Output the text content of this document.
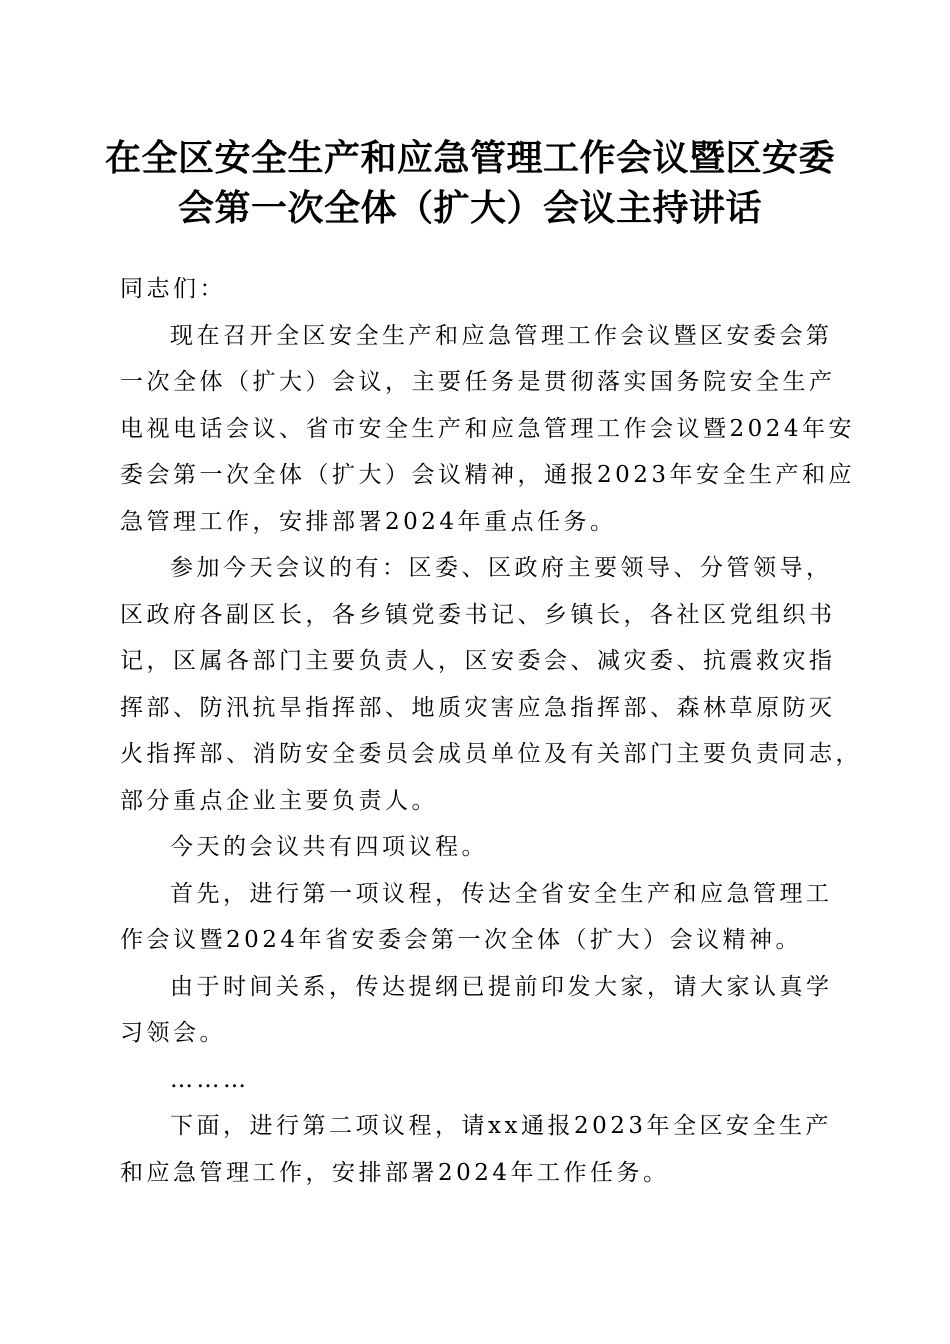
在全区安全生产和应急管理工作会议暨区安委
会第一次全体（扩大）会议主持讲话
同志们：
现在召开全区安全生产和应急管理工作会议暨区安委会第
一次全体（扩大）会议，主要任务是贯彻落实国务院安全生产
电视电话会议、省市安全生产和应急管理工作会议暨2024年安
委会第一次全体（扩大）会议精神，通报2023年安全生产和应
急管理工作，安排部署2024年重点任务。
参加今天会议的有：区委、区政府主要领导、分管领导，
区政府各副区长，各乡镇党委书记、乡镇长，各社区党组织书
记，区属各部门主要负责人，区安委会、减灾委、抗震救灾指
挥部、防汛抗旱指挥部、地质灾害应急指挥部、森林草原防灭
火指挥部、消防安全委员会成员单位及有关部门主要负责同志，
部分重点企业主要负责人。
今天的会议共有四项议程。
首先，进行第一项议程，传达全省安全生产和应急管理工
作会议暨2024年省安委会第一次全体（扩大）会议精神。
由于时间关系，传达提纲已提前印发大家，请大家认真学
习领会。
………
下面，进行第二项议程，请xx通报2023年全区安全生产
和应急管理工作，安排部署2024年工作任务。
